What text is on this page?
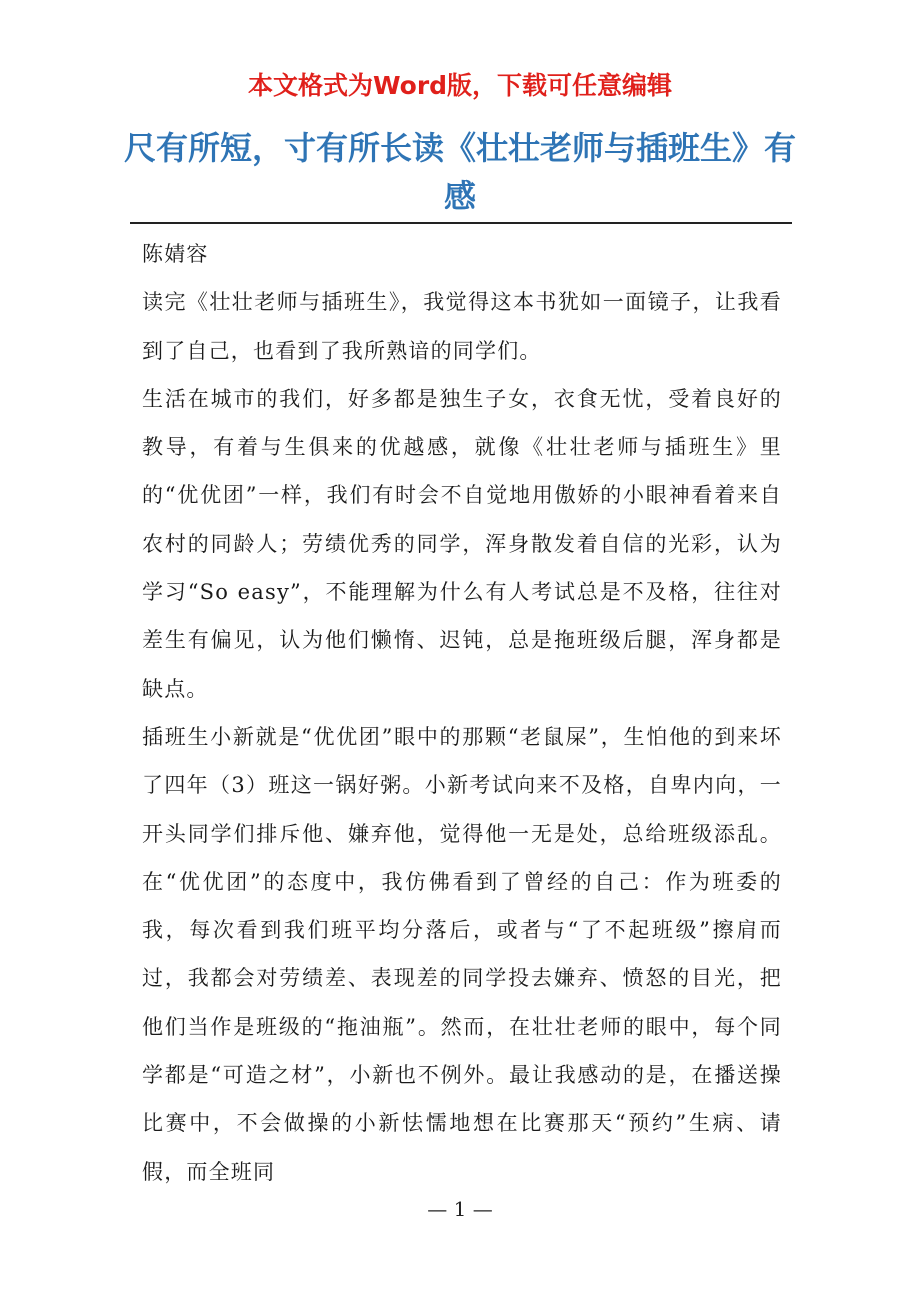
本文格式为Word版，下载可任意编辑
尺有所短，寸有所长读《壮壮老师与插班生》有感

陈婧容

读完《壮壮老师与插班生》，我觉得这本书犹如一面镜子，让我看到了自己，也看到了我所熟谙的同学们。

生活在城市的我们，好多都是独生子女，衣食无忧，受着良好的教导，有着与生俱来的优越感，就像《壮壮老师与插班生》里的“优优团”一样，我们有时会不自觉地用傲娇的小眼神看着来自农村的同龄人；劳绩优秀的同学，浑身散发着自信的光彩，认为学习“So easy”，不能理解为什么有人考试总是不及格，往往对差生有偏见，认为他们懒惰、迟钝，总是拖班级后腿，浑身都是缺点。

插班生小新就是“优优团”眼中的那颗“老鼠屎”，生怕他的到来坏了四年（3）班这一锅好粥。小新考试向来不及格，自卑内向，一开头同学们排斥他、嫌弃他，觉得他一无是处，总给班级添乱。在“优优团”的态度中，我仿佛看到了曾经的自己：作为班委的我，每次看到我们班平均分落后，或者与“了不起班级”擦肩而过，我都会对劳绩差、表现差的同学投去嫌弃、愤怒的目光，把他们当作是班级的“拖油瓶”。然而，在壮壮老师的眼中，每个同学都是“可造之材”，小新也不例外。最让我感动的是，在播送操比赛中，不会做操的小新怯懦地想在比赛那天“预约”生病、请假，而全班同

— 1 —
